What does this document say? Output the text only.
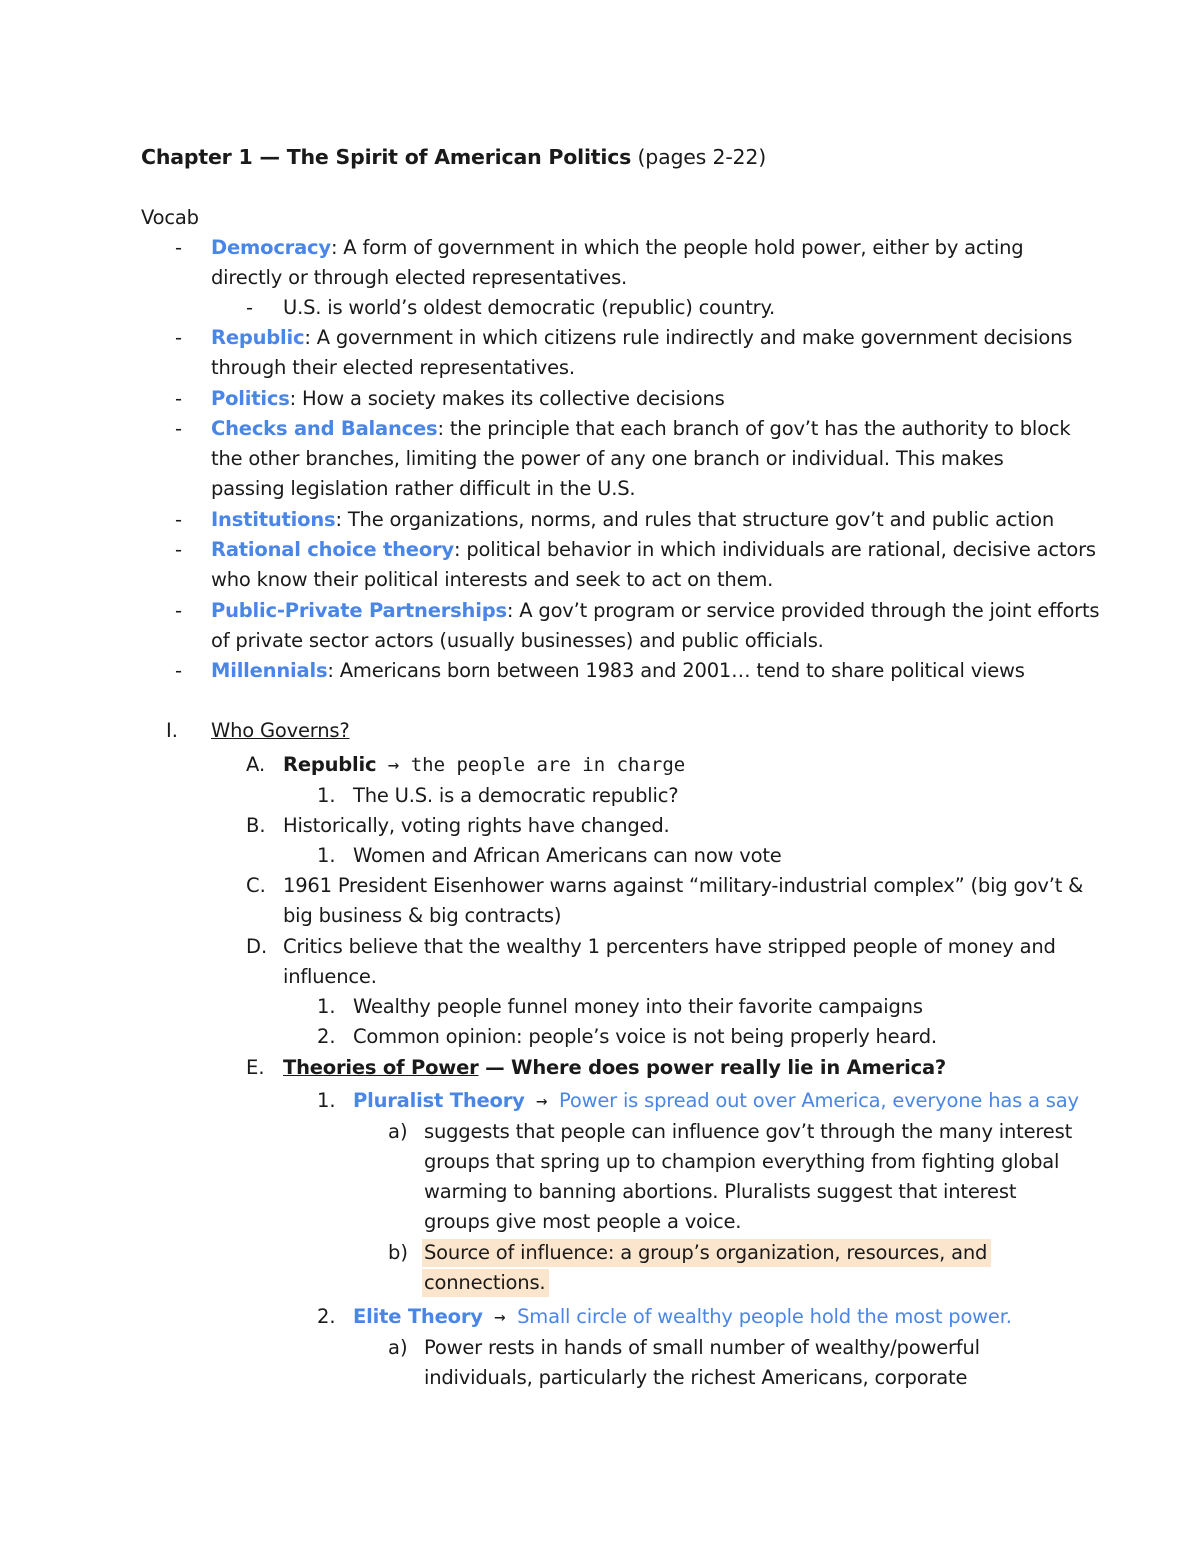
Chapter 1 — The Spirit of American Politics (pages 2-22)
Vocab
- Democracy: A form of government in which the people hold power, either by acting
directly or through elected representatives.
- U.S. is world’s oldest democratic (republic) country.
- Republic: A government in which citizens rule indirectly and make government decisions
through their elected representatives.
- Politics: How a society makes its collective decisions
- Checks and Balances: the principle that each branch of gov’t has the authority to block
the other branches, limiting the power of any one branch or individual. This makes
passing legislation rather difficult in the U.S.
- Institutions: The organizations, norms, and rules that structure gov’t and public action
- Rational choice theory: political behavior in which individuals are rational, decisive actors
who know their political interests and seek to act on them.
- Public-Private Partnerships: A gov’t program or service provided through the joint efforts
of private sector actors (usually businesses) and public officials.
- Millennials: Americans born between 1983 and 2001… tend to share political views
I. Who Governs?
A. Republic → the people are in charge
1. The U.S. is a democratic republic?
B. Historically, voting rights have changed.
1. Women and African Americans can now vote
C. 1961 President Eisenhower warns against “military-industrial complex” (big gov’t &
big business & big contracts)
D. Critics believe that the wealthy 1 percenters have stripped people of money and
influence.
1. Wealthy people funnel money into their favorite campaigns
2. Common opinion: people’s voice is not being properly heard.
E. Theories of Power — Where does power really lie in America?
1. Pluralist Theory → Power is spread out over America, everyone has a say
a) suggests that people can influence gov’t through the many interest
groups that spring up to champion everything from fighting global
warming to banning abortions. Pluralists suggest that interest
groups give most people a voice.
b) Source of influence: a group’s organization, resources, and
connections.
2. Elite Theory → Small circle of wealthy people hold the most power.
a) Power rests in hands of small number of wealthy/powerful
individuals, particularly the richest Americans, corporate
